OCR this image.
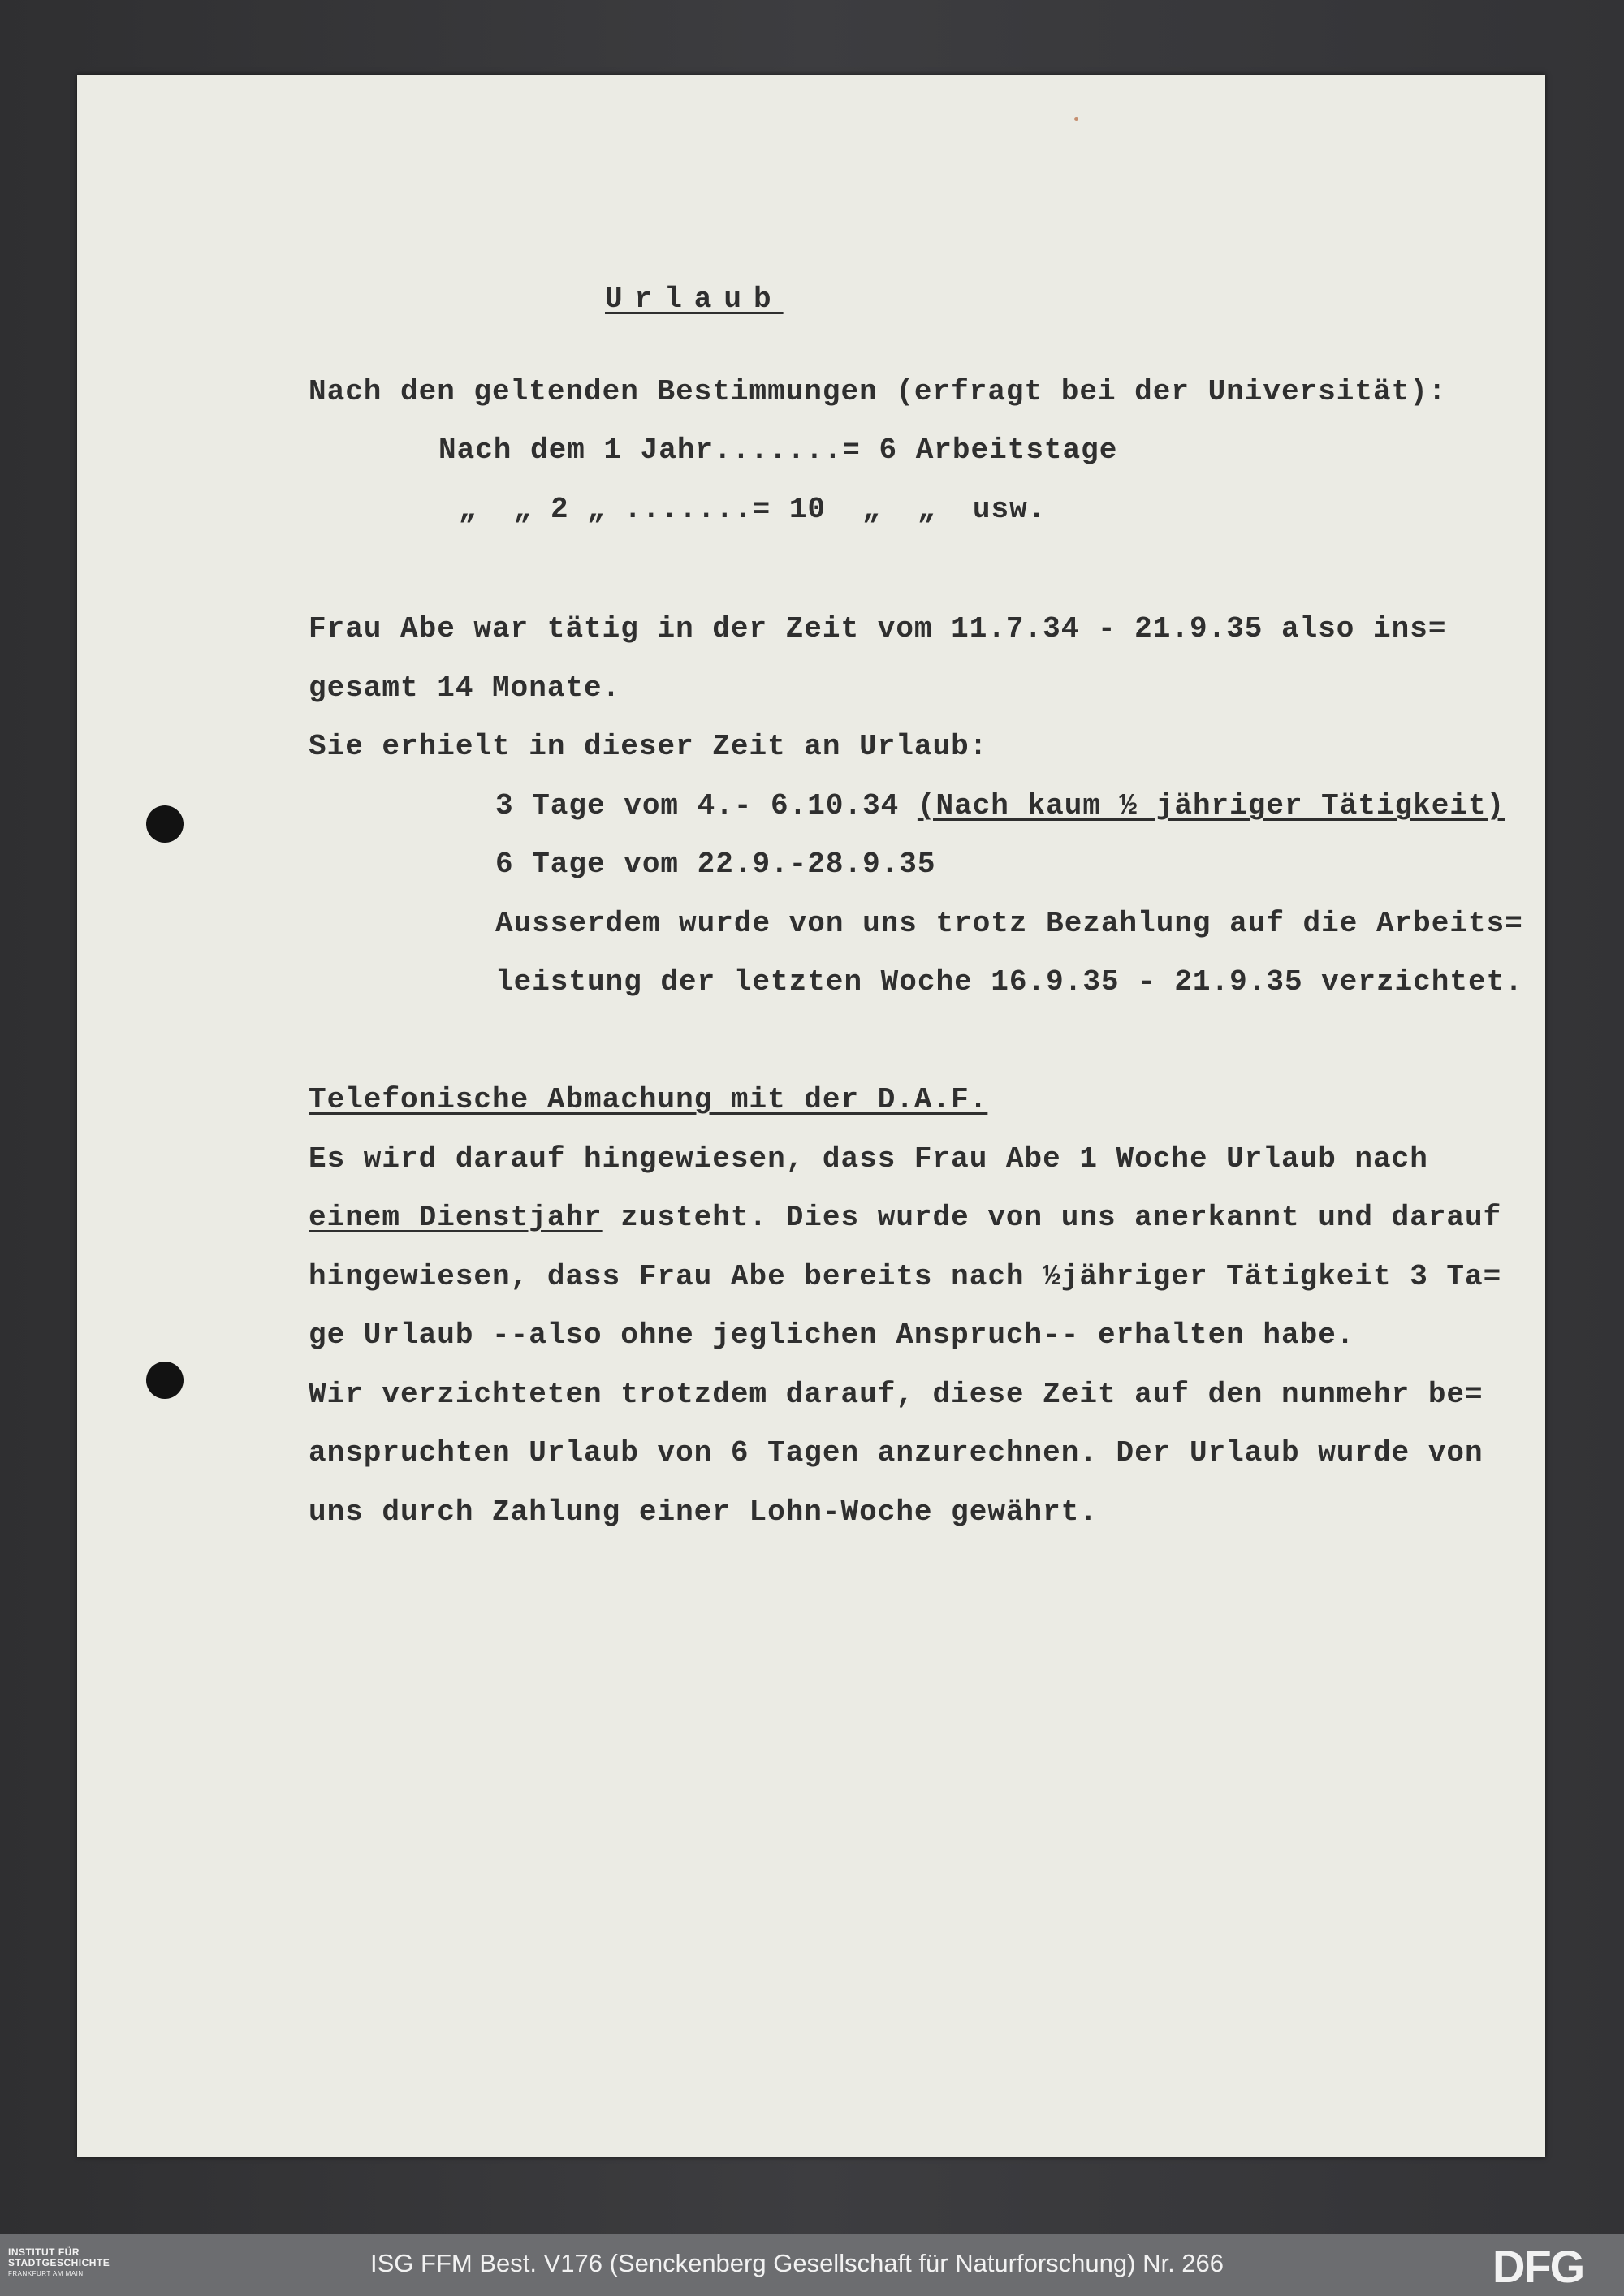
Urlaub
Nach den geltenden Bestimmungen (erfragt bei der Universität):
Nach dem 1 Jahr.......= 6 Arbeitstage
„  „ 2 „ .......= 10  „  „  usw.
Frau Abe war tätig in der Zeit vom 11.7.34 - 21.9.35 also ins=
gesamt 14 Monate.
Sie erhielt in dieser Zeit an Urlaub:
3 Tage vom 4.- 6.10.34 (Nach kaum ½ jähriger Tätigkeit)
6 Tage vom 22.9.-28.9.35
Ausserdem wurde von uns trotz Bezahlung auf die Arbeits=
leistung der letzten Woche 16.9.35 - 21.9.35 verzichtet.
Telefonische Abmachung mit der D.A.F.
Es wird darauf hingewiesen, dass Frau Abe 1 Woche Urlaub nach
einem Dienstjahr zusteht. Dies wurde von uns anerkannt und darauf
hingewiesen, dass Frau Abe bereits nach ½jähriger Tätigkeit 3 Ta=
ge Urlaub --also ohne jeglichen Anspruch-- erhalten habe.
Wir verzichteten trotzdem darauf, diese Zeit auf den nunmehr be=
anspruchten Urlaub von 6 Tagen anzurechnen. Der Urlaub wurde von
uns durch Zahlung einer Lohn-Woche gewährt.
INSTITUT FÜR
STADTGESCHICHTE
FRANKFURT AM MAIN	ISG FFM Best. V176 (Senckenberg Gesellschaft für Naturforschung) Nr. 266	DFG
